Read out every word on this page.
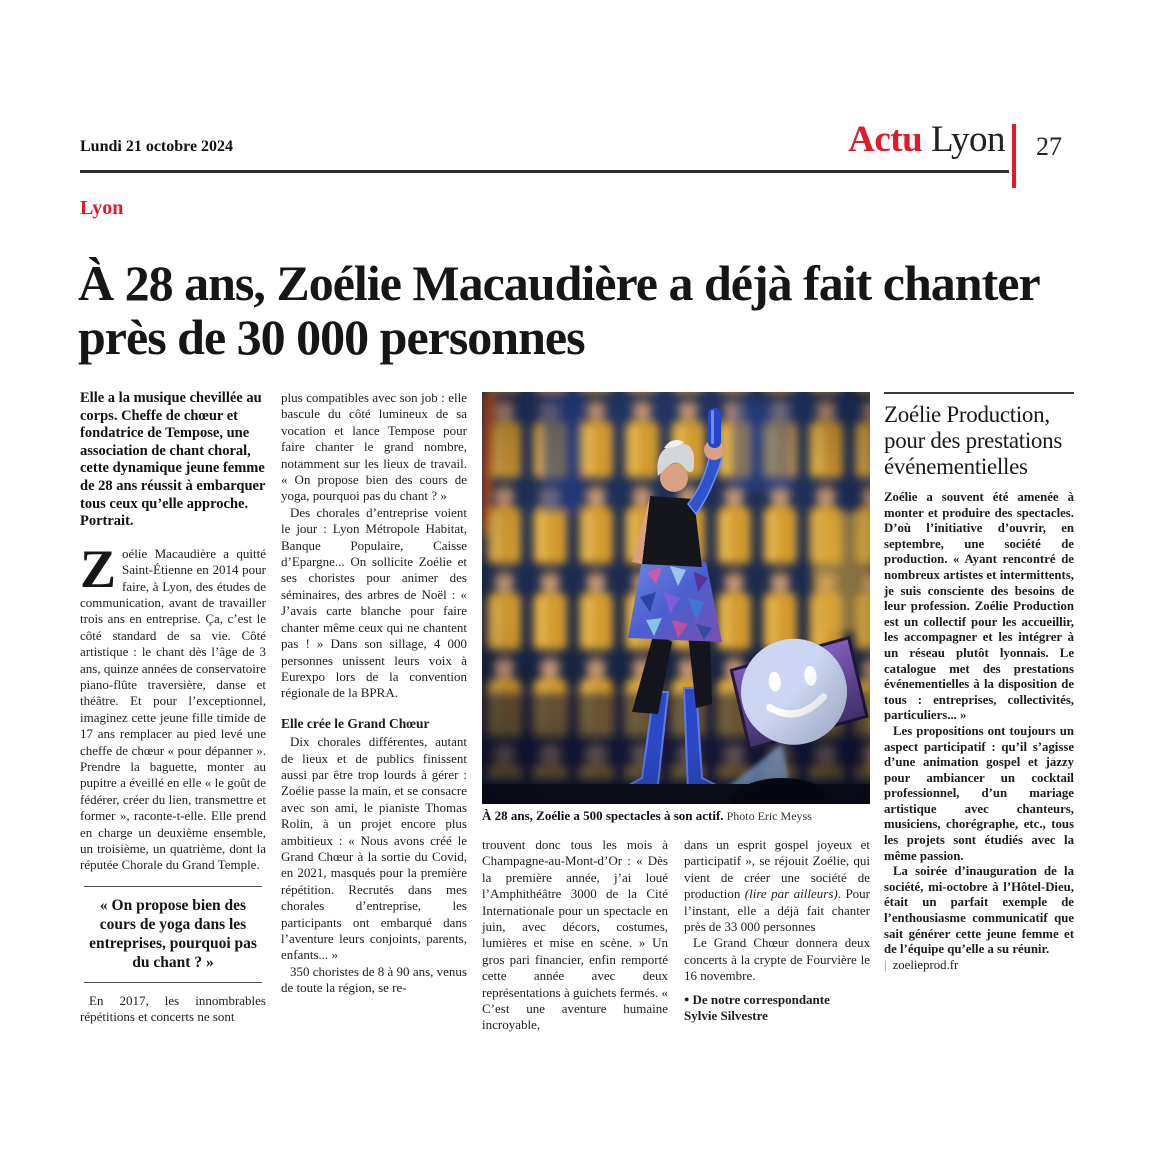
Lundi 21 octobre 2024	Actu Lyon	27
Lyon
À 28 ans, Zoélie Macaudière a déjà fait chanter près de 30 000 personnes
Elle a la musique chevillée au corps. Cheffe de chœur et fondatrice de Tempose, une association de chant choral, cette dynamique jeune femme de 28 ans réussit à embarquer tous ceux qu’elle approche. Portrait.

Zoélie Macaudière a quitté Saint-Étienne en 2014 pour faire, à Lyon, des études de communication, avant de travailler trois ans en entreprise. Ça, c’est le côté standard de sa vie. Côté artistique : le chant dès l’âge de 3 ans, quinze années de conservatoire piano-flûte traversière, danse et théâtre. Et pour l’exceptionnel, imaginez cette jeune fille timide de 17 ans remplacer au pied levé une cheffe de chœur « pour dépanner ». Prendre la baguette, monter au pupitre a éveillé en elle « le goût de fédérer, créer du lien, transmettre et former », raconte-t-elle. Elle prend en charge un deuxième ensemble, un troisième, un quatrième, dont la réputée Chorale du Grand Temple.

« On propose bien des cours de yoga dans les entreprises, pourquoi pas du chant ? »

En 2017, les innombrables répétitions et concerts ne sont

plus compatibles avec son job : elle bascule du côté lumineux de sa vocation et lance Tempose pour faire chanter le grand nombre, notamment sur les lieux de travail. « On propose bien des cours de yoga, pourquoi pas du chant ? »

Des chorales d’entreprise voient le jour : Lyon Métropole Habitat, Banque Populaire, Caisse d’Epargne... On sollicite Zoélie et ses choristes pour animer des séminaires, des arbres de Noël : « J’avais carte blanche pour faire chanter même ceux qui ne chantent pas ! » Dans son sillage, 4 000 personnes unissent leurs voix à Eurexpo lors de la convention régionale de la BPRA.

Elle crée le Grand Chœur

Dix chorales différentes, autant de lieux et de publics finissent aussi par être trop lourds à gérer : Zoélie passe la main, et se consacre avec son ami, le pianiste Thomas Rolin, à un projet encore plus ambitieux : « Nous avons créé le Grand Chœur à la sortie du Covid, en 2021, masqués pour la première répétition. Recrutés dans mes chorales d’entreprise, les participants ont embarqué dans l’aventure leurs conjoints, parents, enfants... »

350 choristes de 8 à 90 ans, venus de toute la région, se re-

À 28 ans, Zoélie a 500 spectacles à son actif. Photo Eric Meyss

trouvent donc tous les mois à Champagne-au-Mont-d’Or : « Dès la première année, j’ai loué l’Amphithéâtre 3000 de la Cité Internationale pour un spectacle en juin, avec décors, costumes, lumières et mise en scène. » Un gros pari financier, enfin remporté cette année avec deux représentations à guichets fermés. « C’est une aventure humaine incroyable,

dans un esprit gospel joyeux et participatif », se réjouit Zoélie, qui vient de créer une société de production (lire par ailleurs). Pour l’instant, elle a déjà fait chanter près de 33 000 personnes

Le Grand Chœur donnera deux concerts à la crypte de Fourvière le 16 novembre.

● De notre correspondante

Sylvie Silvestre

Zoélie Production, pour des prestations événementielles

Zoélie a souvent été amenée à monter et produire des spectacles. D’où l’initiative d’ouvrir, en septembre, une société de production. « Ayant rencontré de nombreux artistes et intermittents, je suis consciente des besoins de leur profession. Zoélie Production est un collectif pour les accueillir, les accompagner et les intégrer à un réseau plutôt lyonnais. Le catalogue met des prestations événementielles à la disposition de tous : entreprises, collectivités, particuliers... »

Les propositions ont toujours un aspect participatif : qu’il s’agisse d’une animation gospel et jazzy pour ambiancer un cocktail professionnel, d’un mariage artistique avec chanteurs, musiciens, chorégraphe, etc., tous les projets sont étudiés avec la même passion.

La soirée d’inauguration de la société, mi-octobre à l’Hôtel-Dieu, était un parfait exemple de l’enthousiasme communicatif que sait générer cette jeune femme et de l’équipe qu’elle a su réunir.

| zoelieprod.fr
